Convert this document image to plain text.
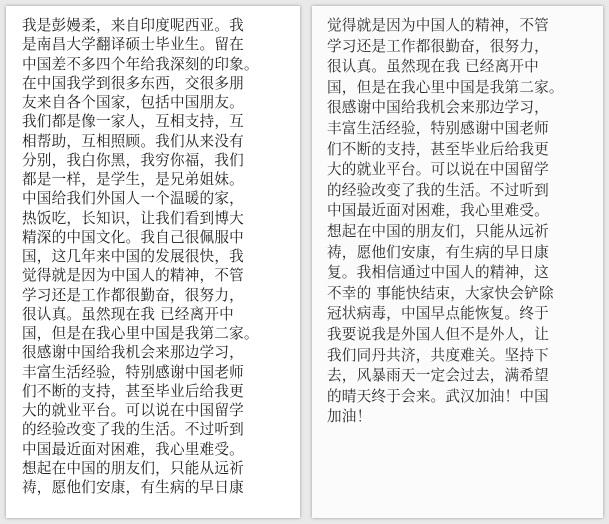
我是彭嫚柔，来自印度呢西亚。我
是南昌大学翻译硕士毕业生。留在
中国差不多四个年给我深刻的印象。
在中国我学到很多东西，交很多朋
友来自各个国家，包括中国朋友。
我们都是像一家人，互相支持，互
相帮助，互相照顾。我们从来没有
分别，我白你黑，我穷你福，我们
都是一样，是学生，是兄弟姐妹。
中国给我们外国人一个温暖的家，
热饭吃，长知识，让我们看到博大
精深的中国文化。我自己很佩服中
国，这几年来中国的发展很快，我
觉得就是因为中国人的精神，不管
学习还是工作都很勤奋，很努力，
很认真。虽然现在我 已经离开中
国，但是在我心里中国是我第二家。
很感谢中国给我机会来那边学习，
丰富生活经验，特别感谢中国老师
们不断的支持，甚至毕业后给我更
大的就业平台。可以说在中国留学
的经验改变了我的生活。不过听到
中国最近面对困难，我心里难受。
想起在中国的朋友们，只能从远祈
祷，愿他们安康，有生病的早日康
觉得就是因为中国人的精神，不管
学习还是工作都很勤奋，很努力，
很认真。虽然现在我 已经离开中
国，但是在我心里中国是我第二家。
很感谢中国给我机会来那边学习，
丰富生活经验，特别感谢中国老师
们不断的支持，甚至毕业后给我更
大的就业平台。可以说在中国留学
的经验改变了我的生活。不过听到
中国最近面对困难，我心里难受。
想起在中国的朋友们，只能从远祈
祷，愿他们安康，有生病的早日康
复。我相信通过中国人的精神，这
不幸的 事能快结束，大家快会铲除
冠状病毒，中国早点能恢复。终于
我要说我是外国人但不是外人，让
我们同丹共济，共度难关。坚持下
去，风暴雨天一定会过去，满希望
的晴天终于会来。武汉加油！中国
加油！
